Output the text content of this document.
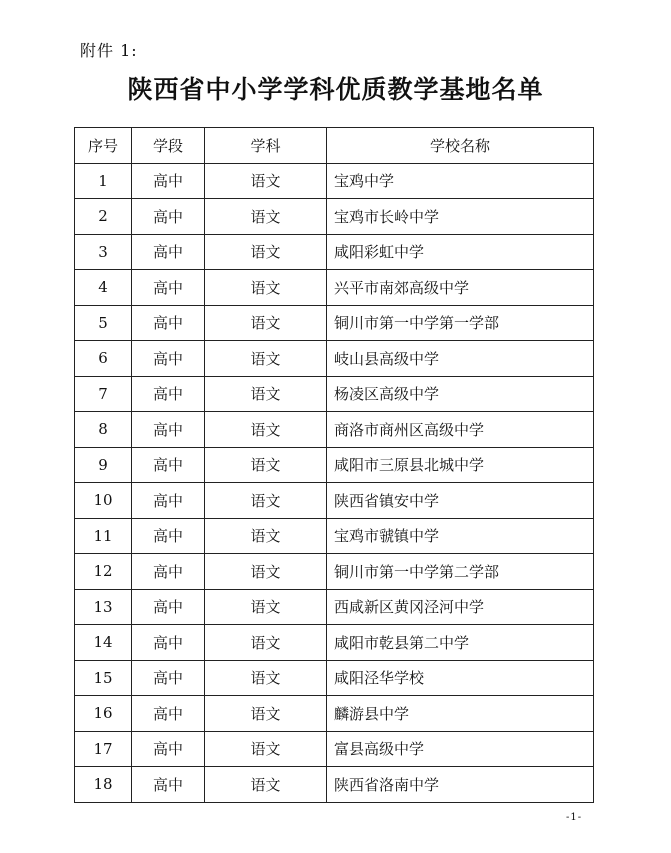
附件 1:
陕西省中小学学科优质教学基地名单
序号	学段	学科	学校名称
1	高中	语文	宝鸡中学
2	高中	语文	宝鸡市长岭中学
3	高中	语文	咸阳彩虹中学
4	高中	语文	兴平市南郊高级中学
5	高中	语文	铜川市第一中学第一学部
6	高中	语文	岐山县高级中学
7	高中	语文	杨凌区高级中学
8	高中	语文	商洛市商州区高级中学
9	高中	语文	咸阳市三原县北城中学
10	高中	语文	陕西省镇安中学
11	高中	语文	宝鸡市虢镇中学
12	高中	语文	铜川市第一中学第二学部
13	高中	语文	西咸新区黄冈泾河中学
14	高中	语文	咸阳市乾县第二中学
15	高中	语文	咸阳泾华学校
16	高中	语文	麟游县中学
17	高中	语文	富县高级中学
18	高中	语文	陕西省洛南中学
-1-
